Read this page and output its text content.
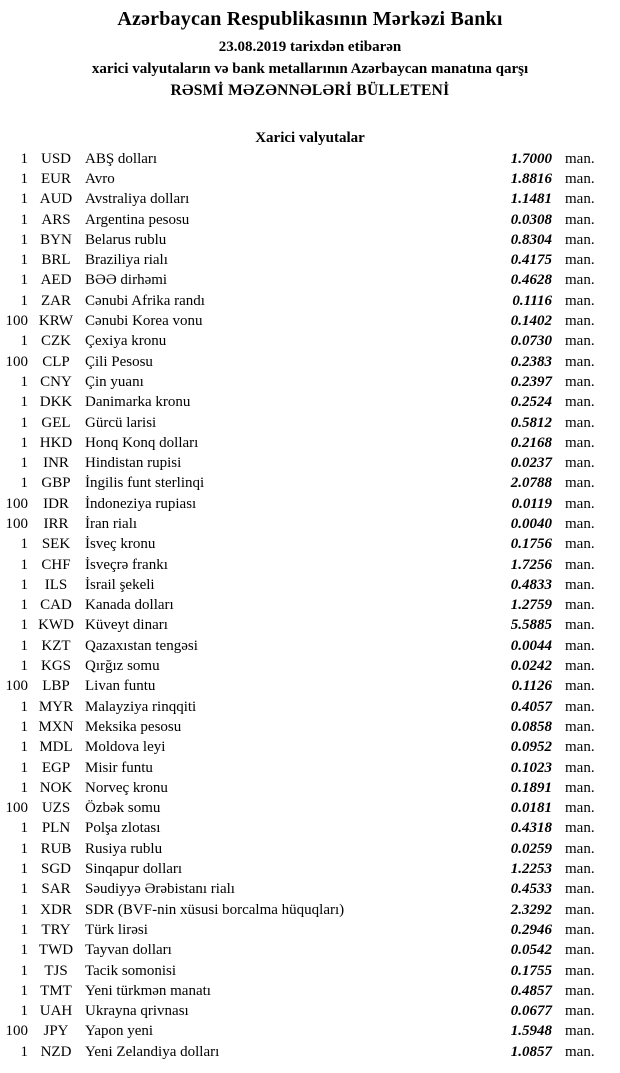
Azərbaycan Respublikasının Mərkəzi Bankı
23.08.2019 tarixdən etibarən
xarici valyutaların və bank metallarının Azərbaycan manatına qarşı
RƏSMİ MƏZƏNNƏLƏRİ BÜLLETENİ
Xarici valyutalar
1 USD ABŞ dolları	1.7000 man.
1 EUR Avro	1.8816 man.
1 AUD Avstraliya dolları	1.1481 man.
1 ARS Argentina pesosu	0.0308 man.
1 BYN Belarus rublu	0.8304 man.
1 BRL Braziliya rialı	0.4175 man.
1 AED BƏƏ dirhəmi	0.4628 man.
1 ZAR Cənubi Afrika randı	0.1116 man.
100 KRW Cənubi Korea vonu	0.1402 man.
1 CZK Çexiya kronu	0.0730 man.
100 CLP	Çili Pesosu	0.2383 man.
1 CNY Çin yuanı	0.2397 man.
1 DKK Danimarka kronu	0.2524 man.
1 GEL Gürcü larisi	0.5812 man.
1 HKD Honq Konq dolları	0.2168 man.
1	INR	Hindistan rupisi	0.0237 man.
1 GBP İngilis funt sterlinqi	2.0788 man.
100	IDR	İndoneziya rupiası	0.0119 man.
100	IRR	İran rialı	0.0040 man.
1 SEK İsveç kronu	0.1756 man.
1 CHF İsveçrə frankı	1.7256 man.
1	ILS	İsrail şekeli	0.4833 man.
1 CAD Kanada dolları	1.2759 man.
1 KWD Küveyt dinarı	5.5885 man.
1 KZT Qazaxıstan tengəsi	0.0044 man.
1 KGS Qırğız somu	0.0242 man.
100 LBP	Livan funtu	0.1126 man.
1 MYR Malayziya rinqqiti	0.4057 man.
1 MXN Meksika pesosu	0.0858 man.
1 MDL Moldova leyi	0.0952 man.
1 EGP Misir funtu	0.1023 man.
1 NOK Norveç kronu	0.1891 man.
100 UZS Özbək somu	0.0181 man.
1 PLN Polşa zlotası	0.4318 man.
1 RUB Rusiya rublu	0.0259 man.
1 SGD Sinqapur dolları	1.2253 man.
1 SAR Səudiyyə Ərəbistanı rialı	0.4533 man.
1 XDR SDR (BVF-nin xüsusi borcalma hüquqları)	2.3292 man.
1 TRY Türk lirəsi	0.2946 man.
1 TWD Tayvan dolları	0.0542 man.
1	TJS	Tacik somonisi	0.1755 man.
1 TMT Yeni türkmən manatı	0.4857 man.
1 UAH Ukrayna qrivnası	0.0677 man.
100	JPY	Yapon yeni	1.5948 man.
1 NZD Yeni Zelandiya dolları	1.0857 man.
